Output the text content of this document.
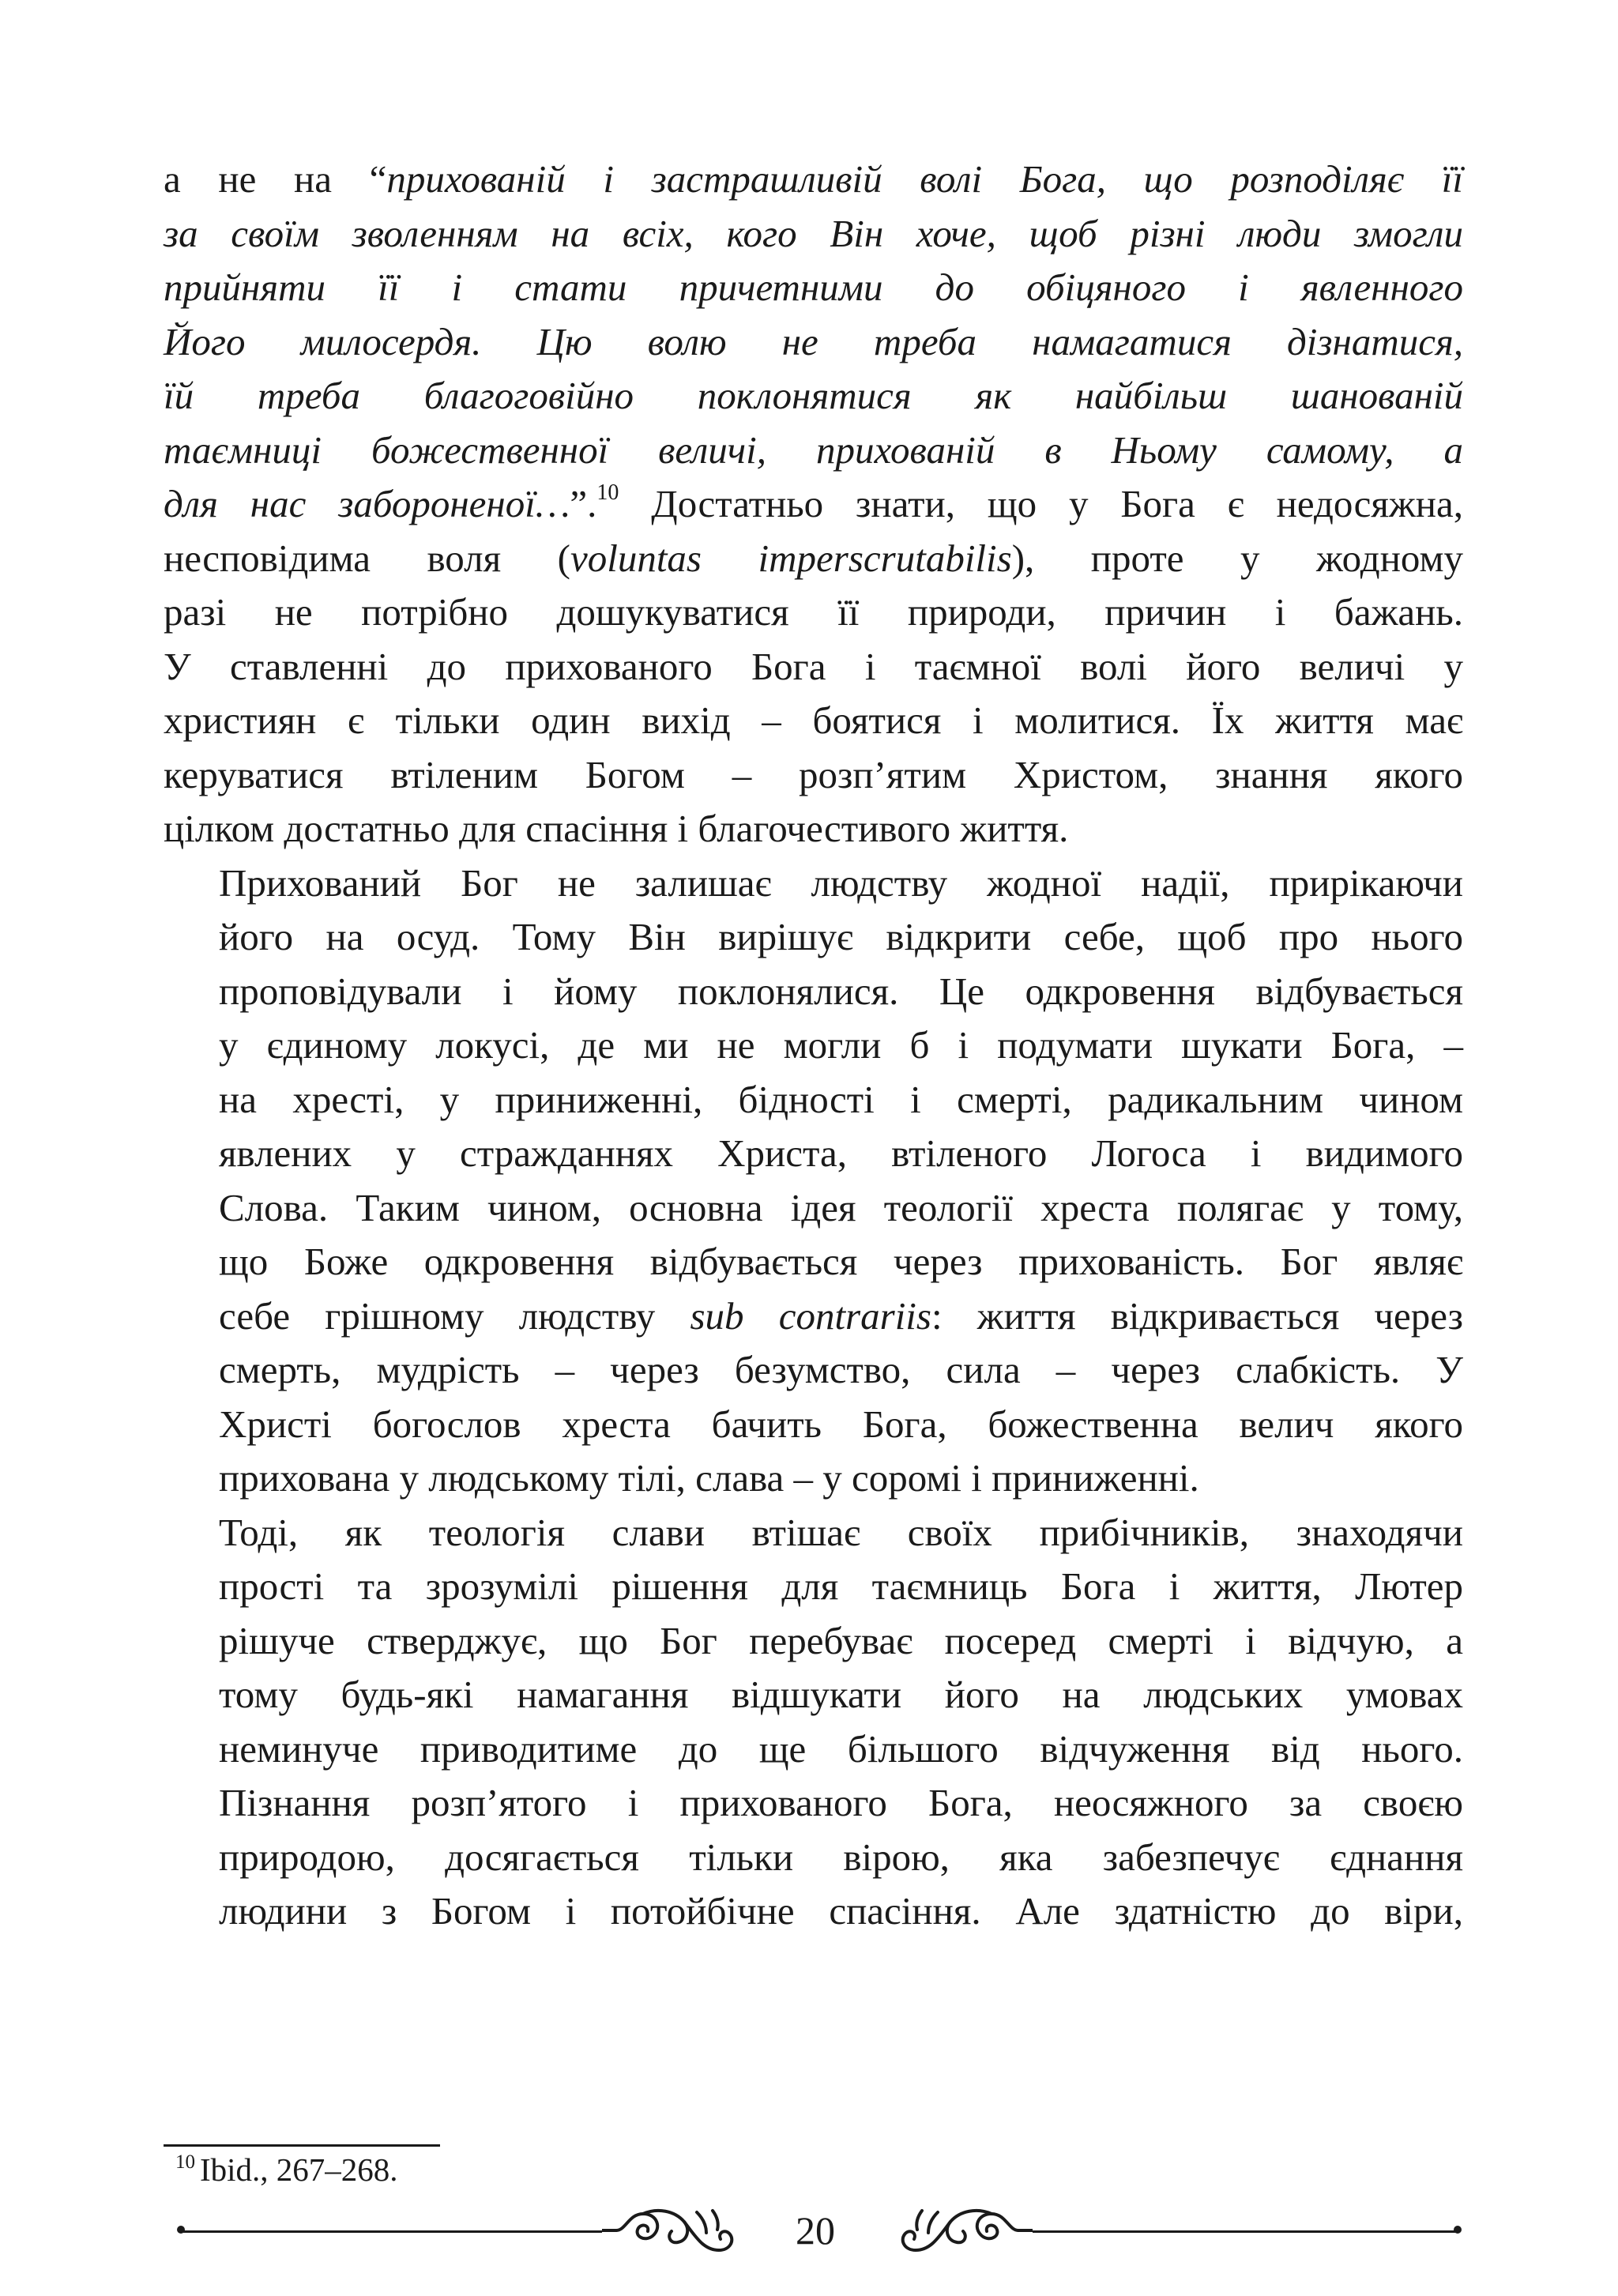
а не на “прихованій і застрашливій волі Бога, що розподіляє її
за своїм зволенням на всіх, кого Він хоче, щоб різні люди змогли
прийняти її і стати причетними до обіцяного і явленного
Його милосердя. Цю волю не треба намагатися дізнатися,
їй треба благоговійно поклонятися як найбільш шанованій
таємниці божественної величі, прихованій в Ньому самому, а
для нас забороненої…”.$^{10}$ Достатньо знати, що у Бога є недосяжна,
несповідима воля (voluntas imperscrutabilis), проте у жодному
разі не потрібно дошукуватися її природи, причин і бажань.
У ставленні до прихованого Бога і таємної волі його величі у
християн є тільки один вихід – боятися і молитися. Їх життя має
керуватися втіленим Богом – розп’ятим Христом, знання якого
цілком достатньо для спасіння і благочестивого життя.
Прихований Бог не залишає людству жодної надії, прирікаючи
його на осуд. Тому Він вирішує відкрити себе, щоб про нього
проповідували і йому поклонялися. Це одкровення відбувається
у єдиному локусі, де ми не могли б і подумати шукати Бога, –
на хресті, у приниженні, бідності і смерті, радикальним чином
явлених у стражданнях Христа, втіленого Логоса і видимого
Слова. Таким чином, основна ідея теології хреста полягає у тому,
що Боже одкровення відбувається через прихованість. Бог являє
себе грішному людству sub contrariis: життя відкривається через
смерть, мудрість – через безумство, сила – через слабкість. У
Христі богослов хреста бачить Бога, божественна велич якого
прихована у людському тілі, слава – у соромі і приниженні.
Тоді, як теологія слави втішає своїх прибічників, знаходячи
прості та зрозумілі рішення для таємниць Бога і життя, Лютер
рішуче стверджує, що Бог перебуває посеред смерті і відчую, а
тому будь-які намагання відшукати його на людських умовах
неминуче приводитиме до ще більшого відчуження від нього.
Пізнання розп’ятого і прихованого Бога, неосяжного за своєю
природою, досягається тільки вірою, яка забезпечує єднання
людини з Богом і потойбічне спасіння. Але здатністю до віри,
$^{10}$ Ibid., 267–268.
20
